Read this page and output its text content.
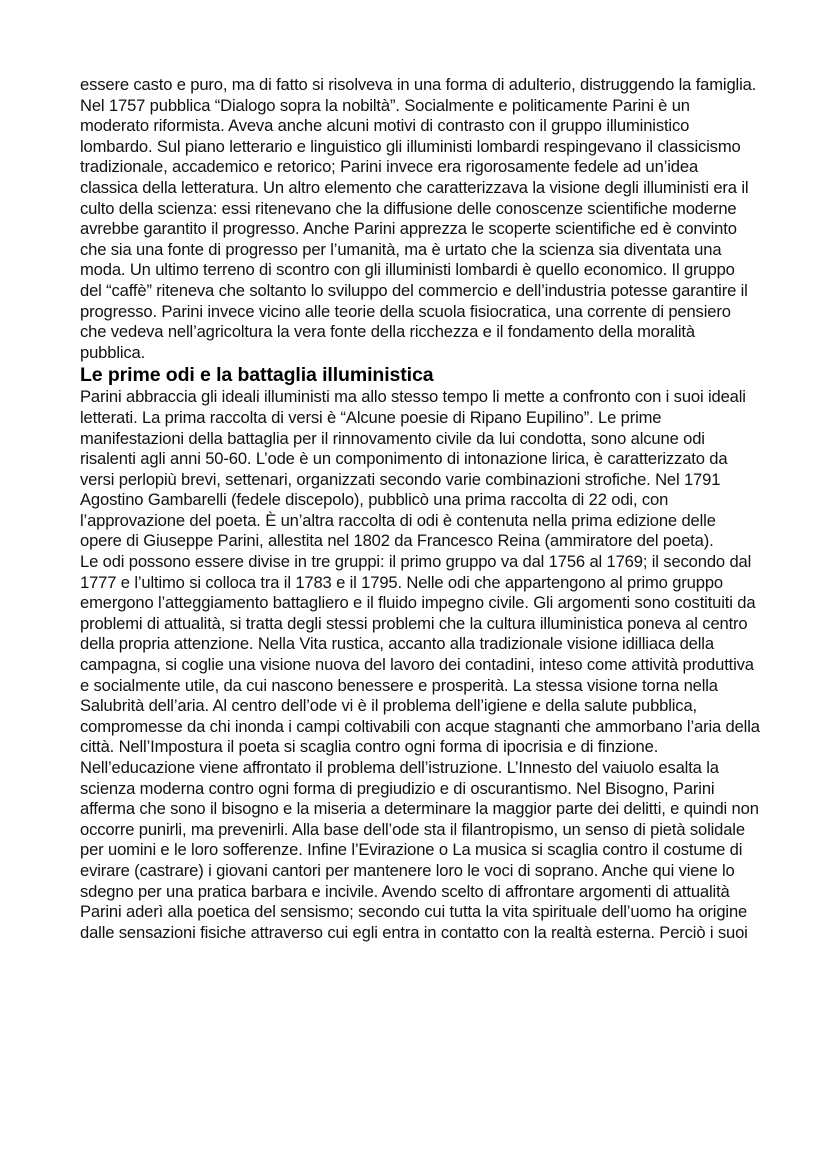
essere casto e puro, ma di fatto si risolveva in una forma di adulterio, distruggendo la famiglia. Nel 1757 pubblica “Dialogo sopra la nobiltà”. Socialmente e politicamente Parini è un moderato riformista. Aveva anche alcuni motivi di contrasto con il gruppo illuministico lombardo. Sul piano letterario e linguistico gli illuministi lombardi respingevano il classicismo tradizionale, accademico e retorico; Parini invece era rigorosamente fedele ad un’idea classica della letteratura. Un altro elemento che caratterizzava la visione degli illuministi era il culto della scienza: essi ritenevano che la diffusione delle conoscenze scientifiche moderne avrebbe garantito il progresso. Anche Parini apprezza le scoperte scientifiche ed è convinto che sia una fonte di progresso per l’umanità, ma è urtato che la scienza sia diventata una moda. Un ultimo terreno di scontro con gli illuministi lombardi è quello economico. Il gruppo del “caffè” riteneva che soltanto lo sviluppo del commercio e dell’industria potesse garantire il progresso. Parini invece vicino alle teorie della scuola fisiocratica, una corrente di pensiero che vedeva nell’agricoltura la vera fonte della ricchezza e il fondamento della moralità pubblica.

Le prime odi e la battaglia illuministica

Parini abbraccia gli ideali illuministi ma allo stesso tempo li mette a confronto con i suoi ideali letterati. La prima raccolta di versi è “Alcune poesie di Ripano Eupilino”. Le prime manifestazioni della battaglia per il rinnovamento civile da lui condotta, sono alcune odi risalenti agli anni 50-60. L’ode è un componimento di intonazione lirica, è caratterizzato da versi perlopiù brevi, settenari, organizzati secondo varie combinazioni strofiche. Nel 1791 Agostino Gambarelli (fedele discepolo), pubblicò una prima raccolta di 22 odi, con l’approvazione del poeta. È un’altra raccolta di odi è contenuta nella prima edizione delle opere di Giuseppe Parini, allestita nel 1802 da Francesco Reina (ammiratore del poeta).

Le odi possono essere divise in tre gruppi: il primo gruppo va dal 1756 al 1769; il secondo dal 1777 e l’ultimo si colloca tra il 1783 e il 1795. Nelle odi che appartengono al primo gruppo emergono l’atteggiamento battagliero e il fluido impegno civile. Gli argomenti sono costituiti da problemi di attualità, si tratta degli stessi problemi che la cultura illuministica poneva al centro della propria attenzione. Nella Vita rustica, accanto alla tradizionale visione idilliaca della campagna, si coglie una visione nuova del lavoro dei contadini, inteso come attività produttiva e socialmente utile, da cui nascono benessere e prosperità. La stessa visione torna nella Salubrità dell’aria. Al centro dell’ode vi è il problema dell’igiene e della salute pubblica, compromesse da chi inonda i campi coltivabili con acque stagnanti che ammorbano l’aria della città. Nell’Impostura il poeta si scaglia contro ogni forma di ipocrisia e di finzione. Nell’educazione viene affrontato il problema dell’istruzione. L’Innesto del vaiuolo esalta la scienza moderna contro ogni forma di pregiudizio e di oscurantismo. Nel Bisogno, Parini afferma che sono il bisogno e la miseria a determinare la maggior parte dei delitti, e quindi non occorre punirli, ma prevenirli. Alla base dell’ode sta il filantropismo, un senso di pietà solidale per uomini e le loro sofferenze. Infine l’Evirazione o La musica si scaglia contro il costume di evirare (castrare) i giovani cantori per mantenere loro le voci di soprano. Anche qui viene lo sdegno per una pratica barbara e incivile. Avendo scelto di affrontare argomenti di attualità Parini aderì alla poetica del sensismo; secondo cui tutta la vita spirituale dell’uomo ha origine dalle sensazioni fisiche attraverso cui egli entra in contatto con la realtà esterna. Perciò i suoi
